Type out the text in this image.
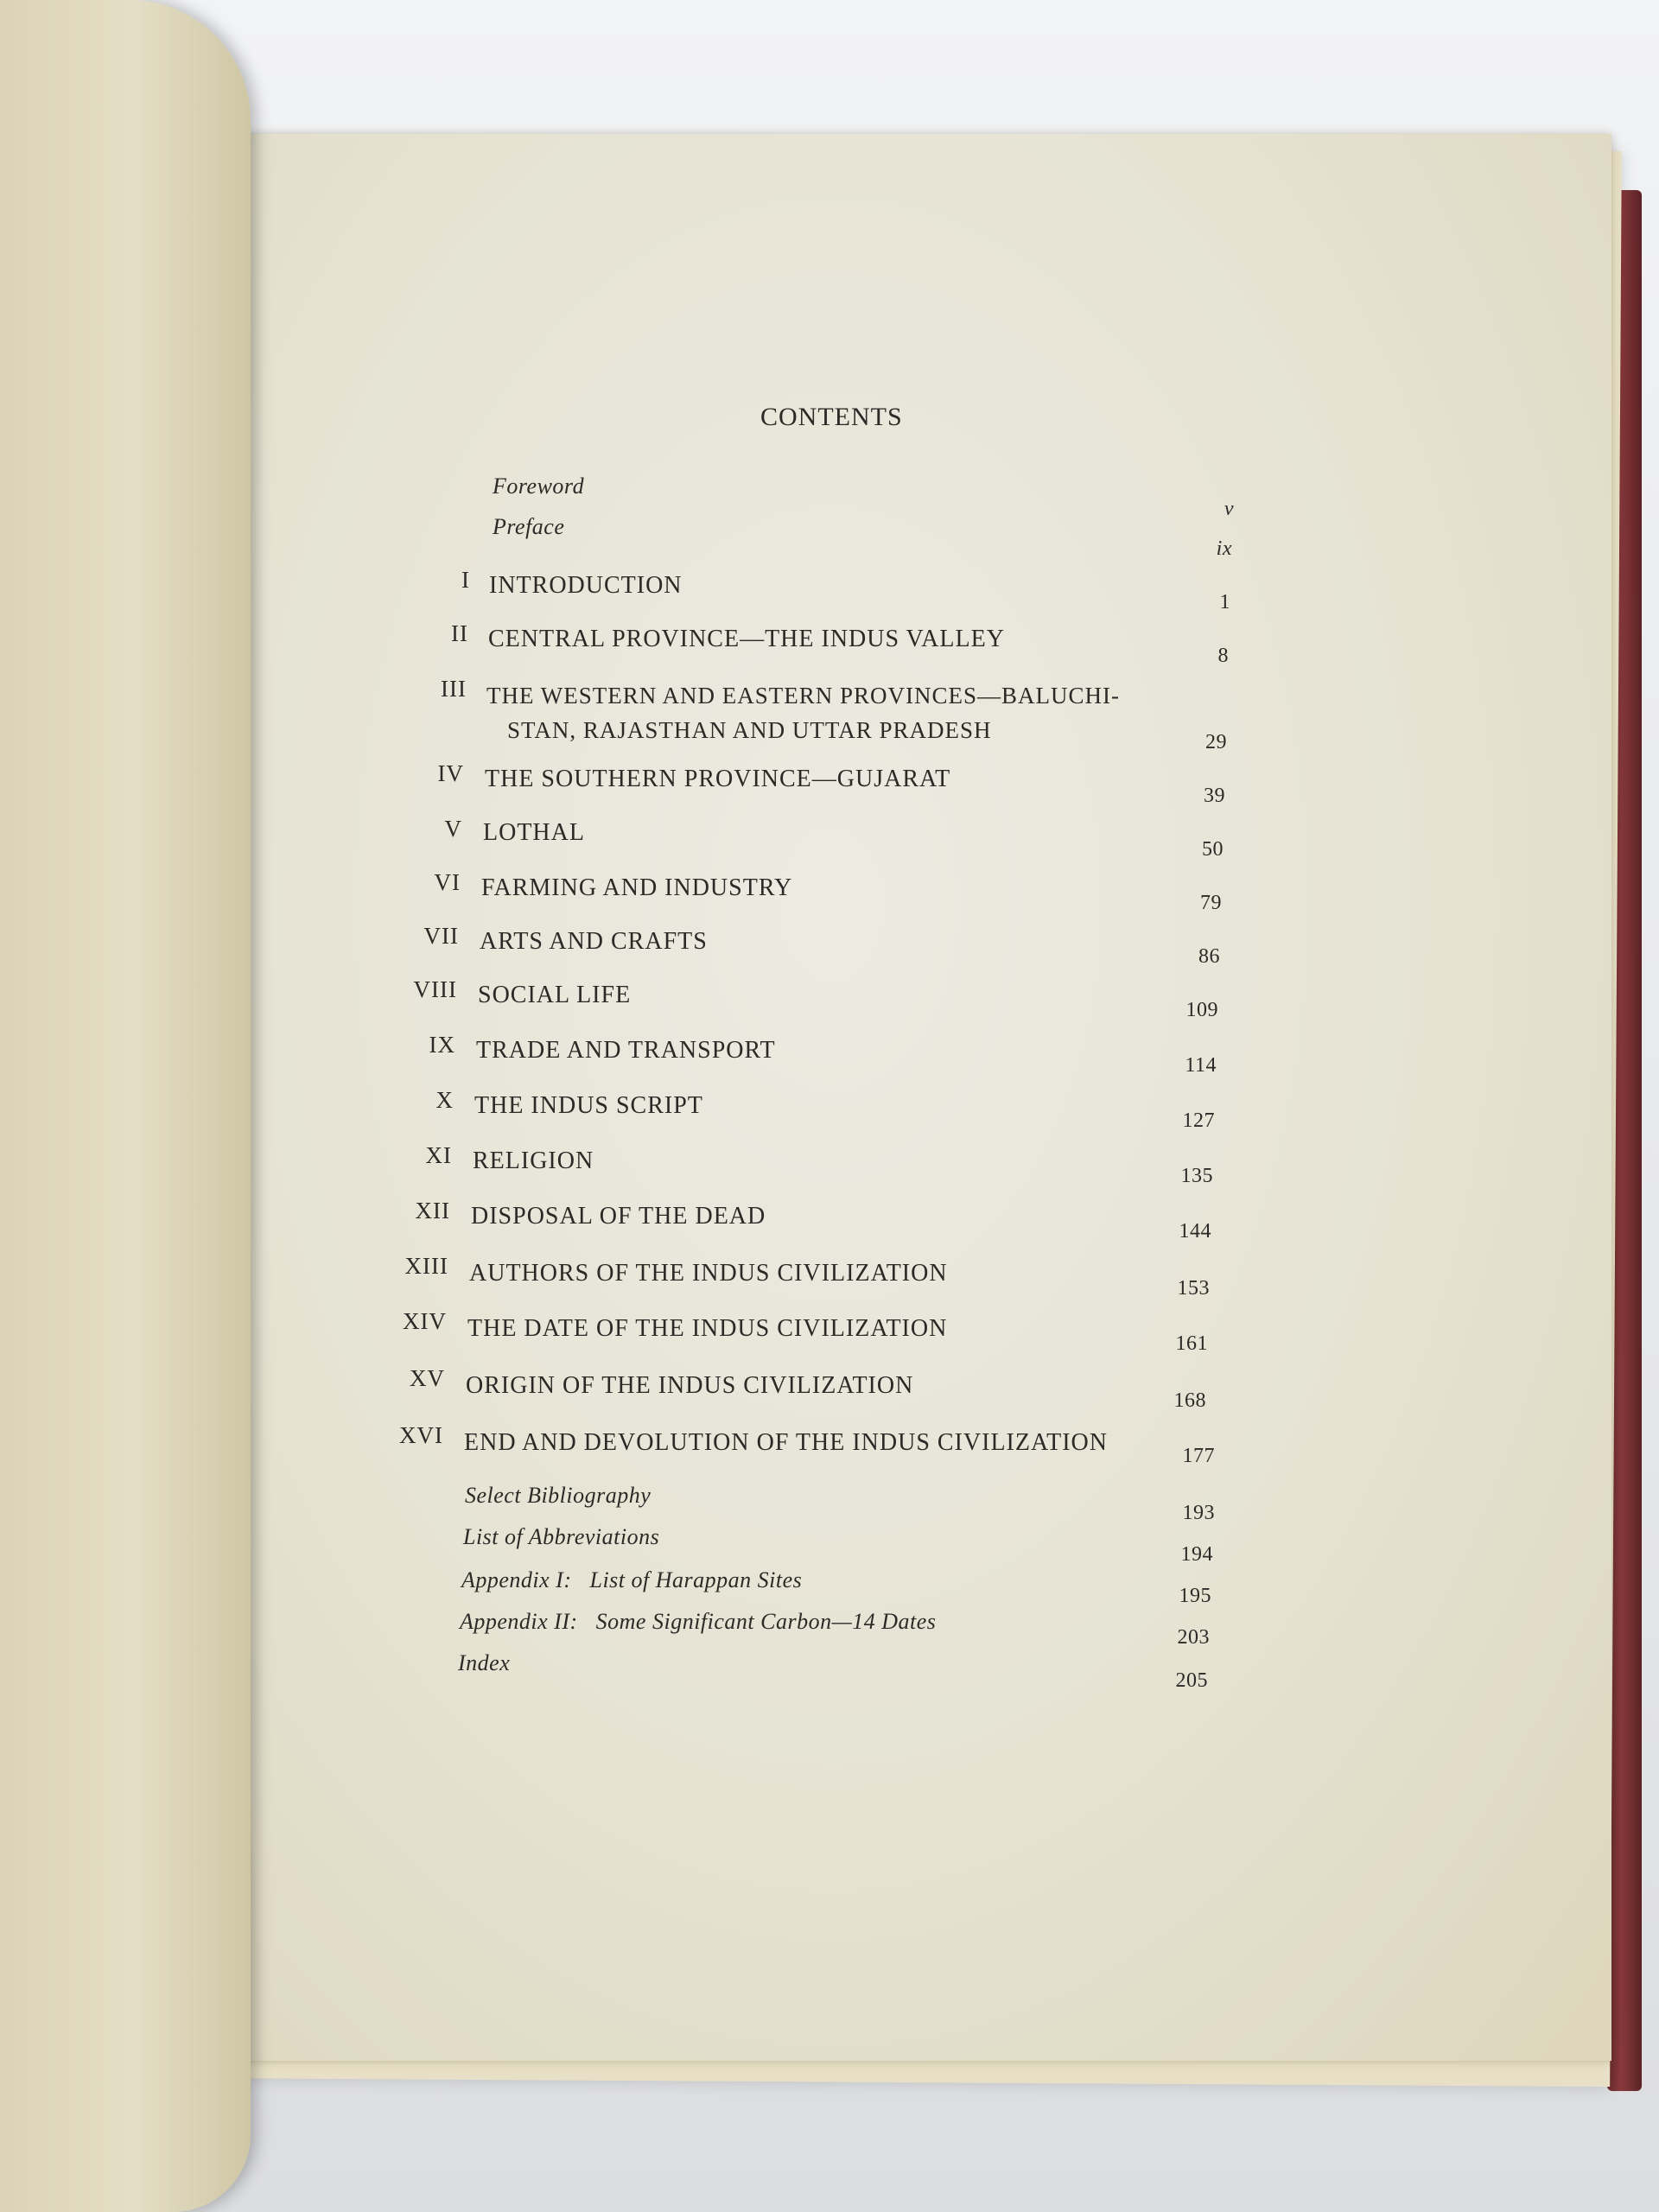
CONTENTS
Foreword
v
Preface
ix
I INTRODUCTION
1
II CENTRAL PROVINCE—THE INDUS VALLEY
8
III THE WESTERN AND EASTERN PROVINCES—BALUCHI-
STAN, RAJASTHAN AND UTTAR PRADESH	29
IV THE SOUTHERN PROVINCE—GUJARAT
39
V LOTHAL
50
VI FARMING AND INDUSTRY
79
VII ARTS AND CRAFTS
86
VIII SOCIAL LIFE
109
IX TRADE AND TRANSPORT
114
X THE INDUS SCRIPT
127
XI RELIGION
135
XII DISPOSAL OF THE DEAD
144
XIII AUTHORS OF THE INDUS CIVILIZATION
153
XIV THE DATE OF THE INDUS CIVILIZATION
161
XV ORIGIN OF THE INDUS CIVILIZATION
168
XVI END AND DEVOLUTION OF THE INDUS CIVILIZATION	177
Select Bibliography
193
List of Abbreviations
194
Appendix I:   List of Harappan Sites
195
Appendix II:   Some Significant Carbon—14 Dates
203
Index
205
